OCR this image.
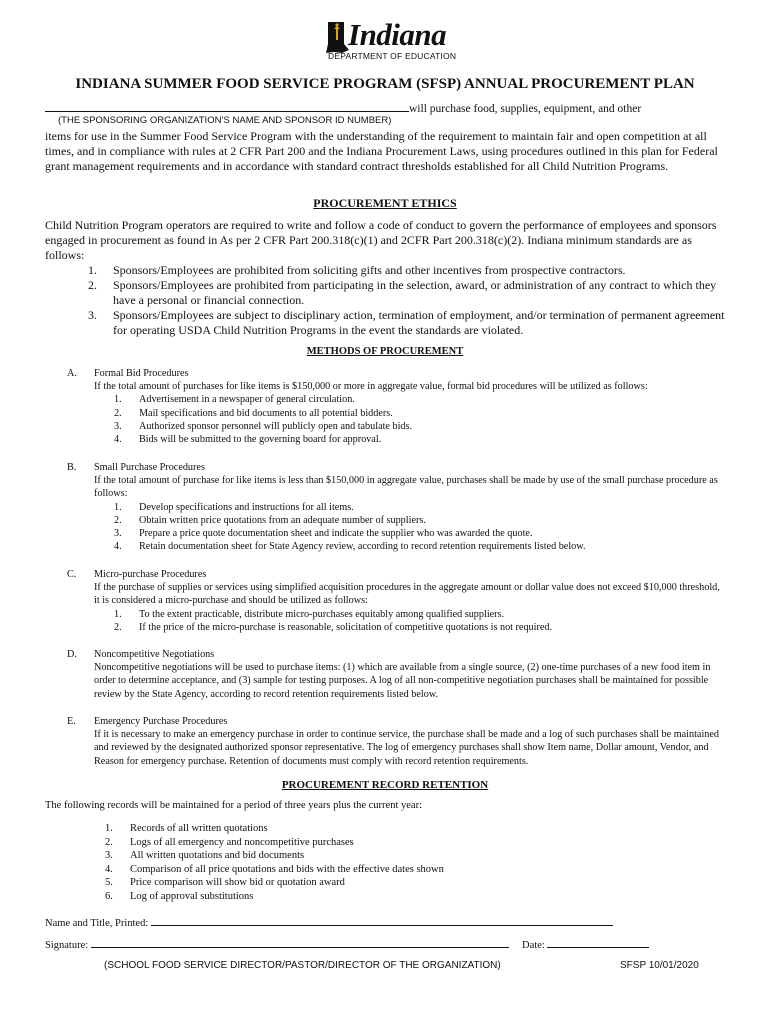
Indiana
DEPARTMENT OF EDUCATION
INDIANA SUMMER FOOD SERVICE PROGRAM (SFSP) ANNUAL PROCUREMENT PLAN
will purchase food, supplies, equipment, and other
(THE SPONSORING ORGANIZATION’S NAME AND SPONSOR ID NUMBER)
items for use in the Summer Food Service Program with the understanding of the requirement to maintain fair and open competition at all times, and in compliance with rules at 2 CFR Part 200 and the Indiana Procurement Laws, using procedures outlined in this plan for Federal grant management requirements and in accordance with standard contract thresholds established for all Child Nutrition Programs.
PROCUREMENT ETHICS
Child Nutrition Program operators are required to write and follow a code of conduct to govern the performance of employees and sponsors engaged in procurement as found in As per 2 CFR Part 200.318(c)(1) and 2CFR Part 200.318(c)(2). Indiana minimum standards are as follows:
1. Sponsors/Employees are prohibited from soliciting gifts and other incentives from prospective contractors.
2. Sponsors/Employees are prohibited from participating in the selection, award, or administration of any contract to which they have a personal or financial connection.
3. Sponsors/Employees are subject to disciplinary action, termination of employment, and/or termination of permanent agreement for operating USDA Child Nutrition Programs in the event the standards are violated.
METHODS OF PROCUREMENT
A. Formal Bid Procedures
If the total amount of purchases for like items is $150,000 or more in aggregate value, formal bid procedures will be utilized as follows:
1. Advertisement in a newspaper of general circulation.
2. Mail specifications and bid documents to all potential bidders.
3. Authorized sponsor personnel will publicly open and tabulate bids.
4. Bids will be submitted to the governing board for approval.
B. Small Purchase Procedures
If the total amount of purchase for like items is less than $150,000 in aggregate value, purchases shall be made by use of the small purchase procedure as follows:
1. Develop specifications and instructions for all items.
2. Obtain written price quotations from an adequate number of suppliers.
3. Prepare a price quote documentation sheet and indicate the supplier who was awarded the quote.
4. Retain documentation sheet for State Agency review, according to record retention requirements listed below.
C. Micro-purchase Procedures
If the purchase of supplies or services using simplified acquisition procedures in the aggregate amount or dollar value does not exceed $10,000 threshold, it is considered a micro-purchase and should be utilized as follows:
1. To the extent practicable, distribute micro-purchases equitably among qualified suppliers.
2. If the price of the micro-purchase is reasonable, solicitation of competitive quotations is not required.
D. Noncompetitive Negotiations
Noncompetitive negotiations will be used to purchase items: (1) which are available from a single source, (2) one-time purchases of a new food item in order to determine acceptance, and (3) sample for testing purposes. A log of all non-competitive negotiation purchases shall be maintained for possible review by the State Agency, according to record retention requirements listed below.
E. Emergency Purchase Procedures
If it is necessary to make an emergency purchase in order to continue service, the purchase shall be made and a log of such purchases shall be maintained and reviewed by the designated authorized sponsor representative. The log of emergency purchases shall show Item name, Dollar amount, Vendor, and Reason for emergency purchase. Retention of documents must comply with record retention requirements.
PROCUREMENT RECORD RETENTION
The following records will be maintained for a period of three years plus the current year:
1. Records of all written quotations
2. Logs of all emergency and noncompetitive purchases
3. All written quotations and bid documents
4. Comparison of all price quotations and bids with the effective dates shown
5. Price comparison will show bid or quotation award
6. Log of approval substitutions
Name and Title, Printed:
Signature:	Date:
(SCHOOL FOOD SERVICE DIRECTOR/PASTOR/DIRECTOR OF THE ORGANIZATION)	SFSP 10/01/2020
